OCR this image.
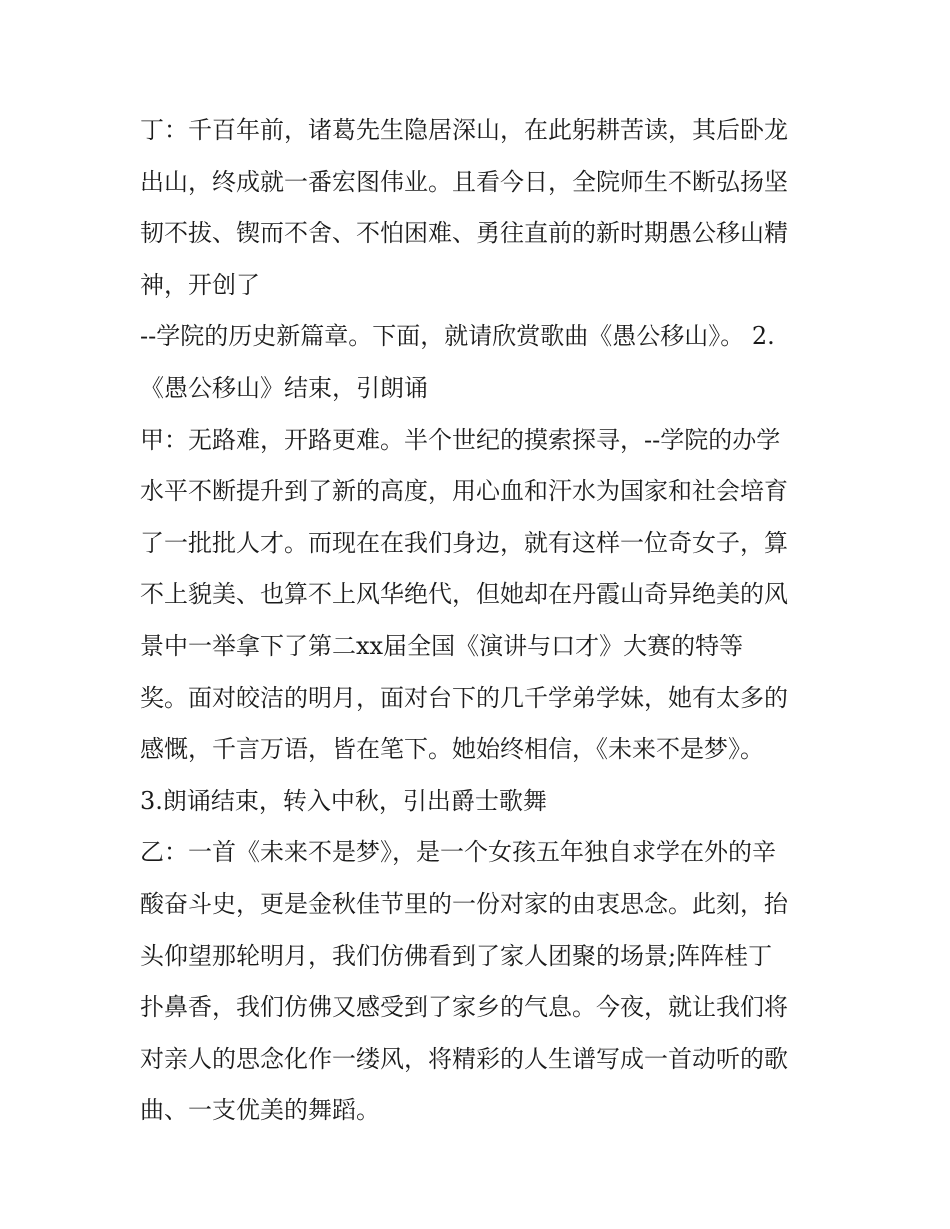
丁：千百年前，诸葛先生隐居深山，在此躬耕苦读，其后卧龙
出山，终成就一番宏图伟业。且看今日，全院师生不断弘扬坚
韧不拔、锲而不舍、不怕困难、勇往直前的新时期愚公移山精
神，开创了
--学院的历史新篇章。下面，就请欣赏歌曲《愚公移山》。 2.
《愚公移山》结束，引朗诵
甲：无路难，开路更难。半个世纪的摸索探寻，--学院的办学
水平不断提升到了新的高度，用心血和汗水为国家和社会培育
了一批批人才。而现在在我们身边，就有这样一位奇女子，算
不上貌美、也算不上风华绝代，但她却在丹霞山奇异绝美的风
景中一举拿下了第二xx届全国《演讲与口才》大赛的特等
奖。面对皎洁的明月，面对台下的几千学弟学妹，她有太多的
感慨，千言万语，皆在笔下。她始终相信，《未来不是梦》。
3.朗诵结束，转入中秋，引出爵士歌舞
乙：一首《未来不是梦》，是一个女孩五年独自求学在外的辛
酸奋斗史，更是金秋佳节里的一份对家的由衷思念。此刻，抬
头仰望那轮明月，我们仿佛看到了家人团聚的场景;阵阵桂丁
扑鼻香，我们仿佛又感受到了家乡的气息。今夜，就让我们将
对亲人的思念化作一缕风，将精彩的人生谱写成一首动听的歌
曲、一支优美的舞蹈。
